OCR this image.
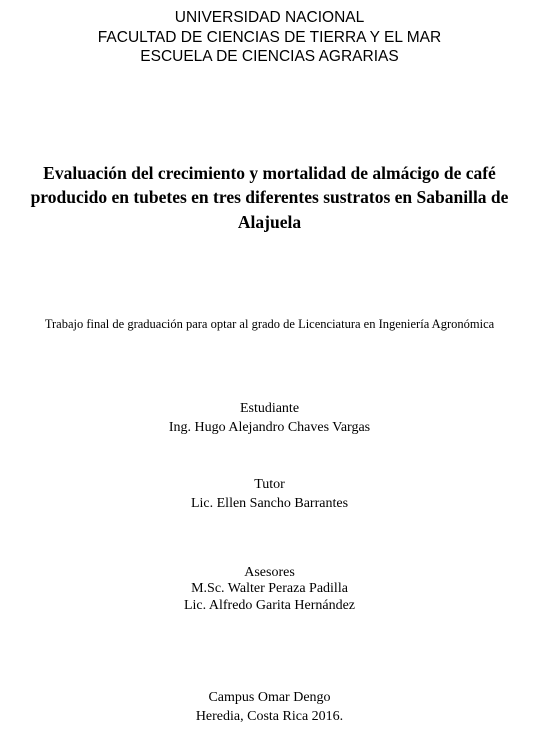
UNIVERSIDAD NACIONAL
FACULTAD DE CIENCIAS DE TIERRA Y EL MAR
ESCUELA DE CIENCIAS AGRARIAS
Evaluación del crecimiento y mortalidad de almácigo de café
producido en tubetes en tres diferentes sustratos en Sabanilla de
Alajuela
Trabajo final de graduación para optar al grado de Licenciatura en Ingeniería Agronómica
Estudiante
Ing. Hugo Alejandro Chaves Vargas
Tutor
Lic. Ellen Sancho Barrantes
Asesores
M.Sc. Walter Peraza Padilla
Lic. Alfredo Garita Hernández
Campus Omar Dengo
Heredia, Costa Rica 2016.
